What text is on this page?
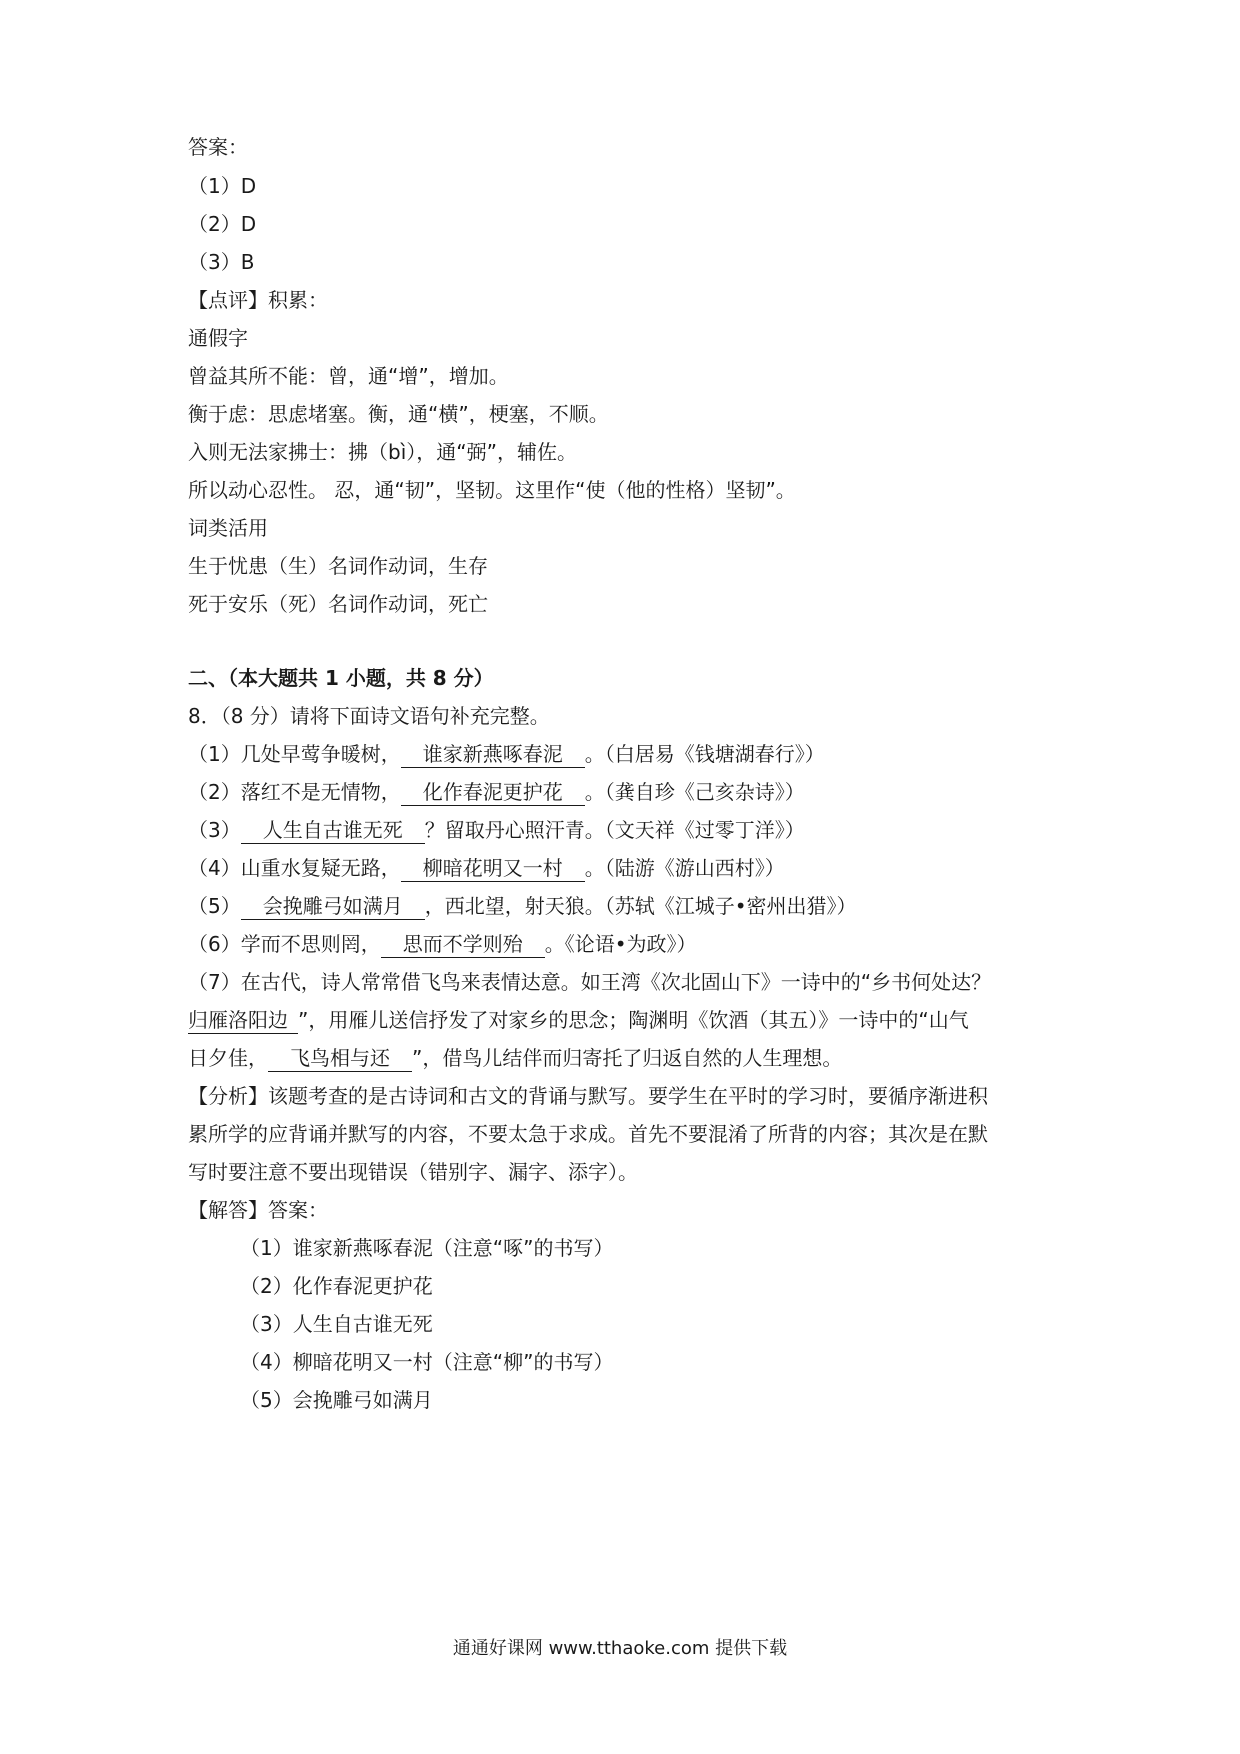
答案：
（1）D
（2）D
（3）B
【点评】积累：
通假字
曾益其所不能：曾，通“增”，增加。
衡于虑：思虑堵塞。衡，通“横”，梗塞，不顺。
入则无法家拂士：拂（bì），通“弼”，辅佐。
所以动心忍性。 忍，通“韧”，坚韧。这里作“使（他的性格）坚韧”。
词类活用
生于忧患（生）名词作动词，生存
死于安乐（死）名词作动词，死亡
二、（本大题共 1 小题，共 8 分）
8．（8 分）请将下面诗文语句补充完整。
（1）几处早莺争暖树， 谁家新燕啄春泥 。（白居易《钱塘湖春行》）
（2）落红不是无情物， 化作春泥更护花 。（龚自珍《己亥杂诗》）
（3） 人生自古谁无死 ？留取丹心照汗青。（文天祥《过零丁洋》）
（4）山重水复疑无路， 柳暗花明又一村 。（陆游《游山西村》）
（5） 会挽雕弓如满月 ，西北望，射天狼。（苏轼《江城子•密州出猎》）
（6）学而不思则罔， 思而不学则殆 。《论语•为政》）
（7）在古代，诗人常常借飞鸟来表情达意。如王湾《次北固山下》一诗中的“乡书何处达？
归雁洛阳边 ”，用雁儿送信抒发了对家乡的思念；陶渊明《饮酒（其五）》一诗中的“山气
日夕佳， 飞鸟相与还 ”，借鸟儿结伴而归寄托了归返自然的人生理想。
【分析】该题考查的是古诗词和古文的背诵与默写。要学生在平时的学习时，要循序渐进积
累所学的应背诵并默写的内容，不要太急于求成。首先不要混淆了所背的内容；其次是在默
写时要注意不要出现错误（错别字、漏字、添字）。
【解答】答案：
（1）谁家新燕啄春泥（注意“啄”的书写）
（2）化作春泥更护花
（3）人生自古谁无死
（4）柳暗花明又一村（注意“柳”的书写）
（5）会挽雕弓如满月
通通好课网 www.tthaoke.com 提供下载
